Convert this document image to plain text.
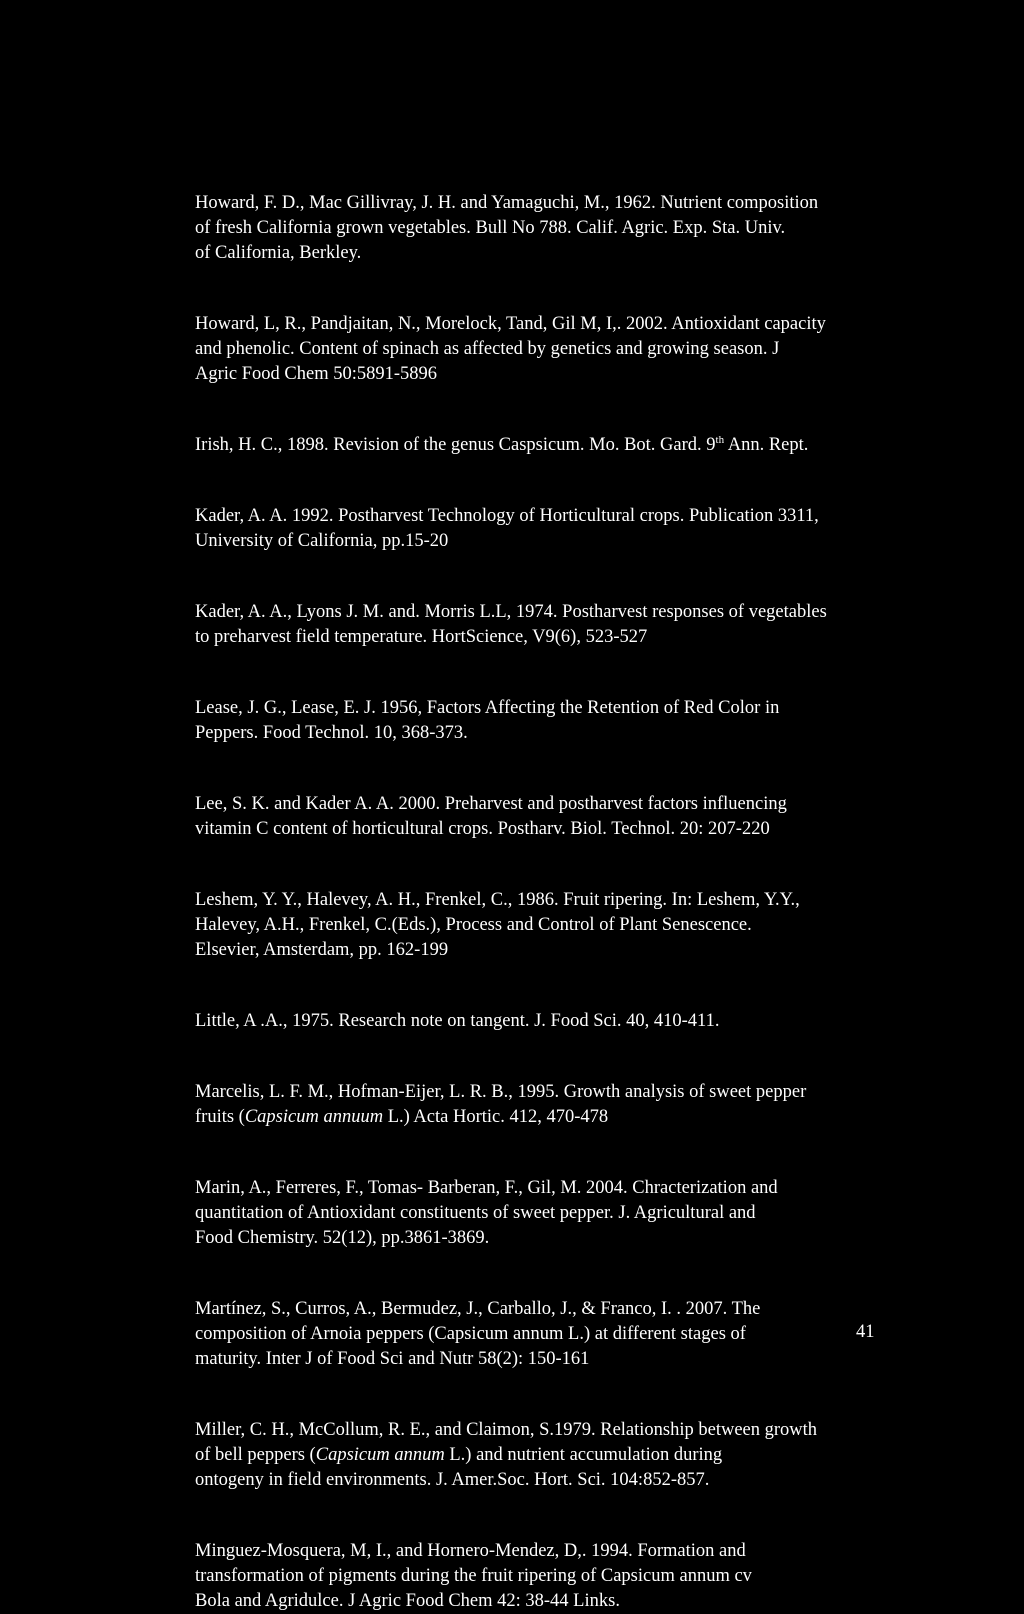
Howard, F. D., Mac Gillivray, J. H. and Yamaguchi, M., 1962. Nutrient composition
of fresh California grown vegetables. Bull No 788. Calif. Agric. Exp. Sta. Univ.
of California, Berkley.

Howard, L, R., Pandjaitan, N., Morelock, Tand, Gil M, I,. 2002. Antioxidant capacity
and phenolic. Content of spinach as affected by genetics and growing season. J
Agric Food Chem 50:5891-5896

Irish, H. C., 1898. Revision of the genus Caspsicum. Mo. Bot. Gard. 9th Ann. Rept.

Kader, A. A. 1992. Postharvest Technology of Horticultural crops. Publication 3311,
University of California, pp.15-20

Kader, A. A., Lyons J. M. and. Morris L.L, 1974. Postharvest responses of vegetables
to preharvest field temperature. HortScience, V9(6), 523-527

Lease, J. G., Lease, E. J. 1956, Factors Affecting the Retention of Red Color in
Peppers. Food Technol. 10, 368-373.

Lee, S. K. and Kader A. A. 2000. Preharvest and postharvest factors influencing
vitamin C content of horticultural crops. Postharv. Biol. Technol. 20: 207-220

Leshem, Y. Y., Halevey, A. H., Frenkel, C., 1986. Fruit ripering. In: Leshem, Y.Y.,
Halevey, A.H., Frenkel, C.(Eds.), Process and Control of Plant Senescence.
Elsevier, Amsterdam, pp. 162-199

Little, A .A., 1975. Research note on tangent. J. Food Sci. 40, 410-411.

Marcelis, L. F. M., Hofman-Eijer, L. R. B., 1995. Growth analysis of sweet pepper
fruits (Capsicum annuum L.) Acta Hortic. 412, 470-478

Marin, A., Ferreres, F., Tomas- Barberan, F., Gil, M. 2004. Chracterization and
quantitation of Antioxidant constituents of sweet pepper. J. Agricultural and
Food Chemistry. 52(12), pp.3861-3869.

Martínez, S., Curros, A., Bermudez, J., Carballo, J., & Franco, I. . 2007. The
composition of Arnoia peppers (Capsicum annum L.) at different stages of
maturity. Inter J of Food Sci and Nutr 58(2): 150-161

Miller, C. H., McCollum, R. E., and Claimon, S.1979. Relationship between growth
of bell peppers (Capsicum annum L.) and nutrient accumulation during
ontogeny in field environments. J. Amer.Soc. Hort. Sci. 104:852-857.

Minguez-Mosquera, M, I., and Hornero-Mendez, D,. 1994. Formation and
transformation of pigments during the fruit ripering of Capsicum annum cv
Bola and Agridulce. J Agric Food Chem 42: 38-44 Links.

41
